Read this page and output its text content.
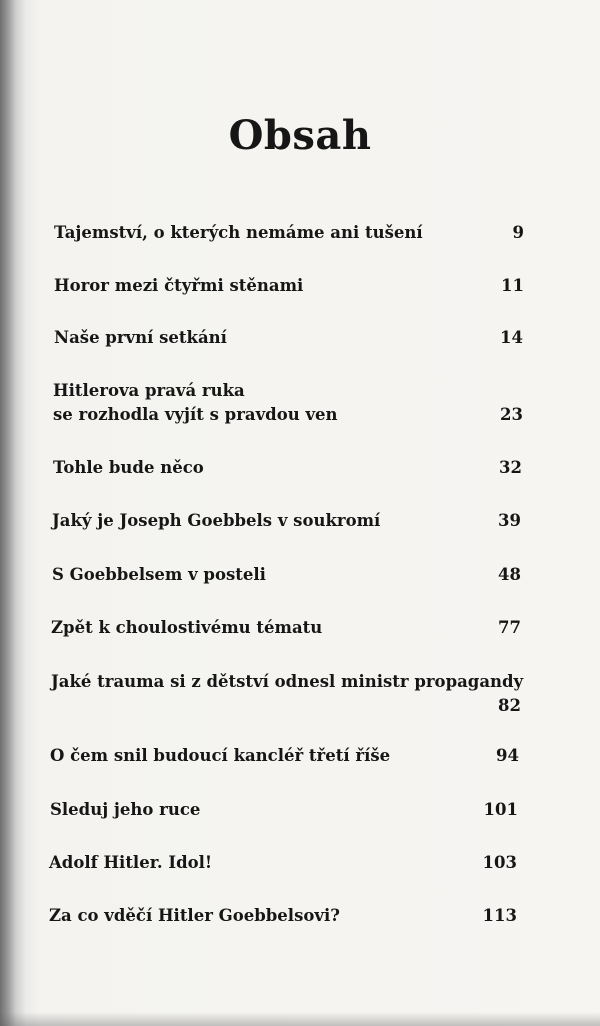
Obsah
Tajemství, o kterých nemáme ani tušení	9
Horor mezi čtyřmi stěnami	11
Naše první setkání	14
Hitlerova pravá ruka
se rozhodla vyjít s pravdou ven	23
Tohle bude něco	32
Jaký je Joseph Goebbels v soukromí	39
S Goebbelsem v posteli	48
Zpět k choulostivému tématu	77
Jaké trauma si z dětství odnesl ministr propagandy
82
O čem snil budoucí kancléř třetí říše	94
Sleduj jeho ruce	101
Adolf Hitler. Idol!	103
Za co vděčí Hitler Goebbelsovi?	113
